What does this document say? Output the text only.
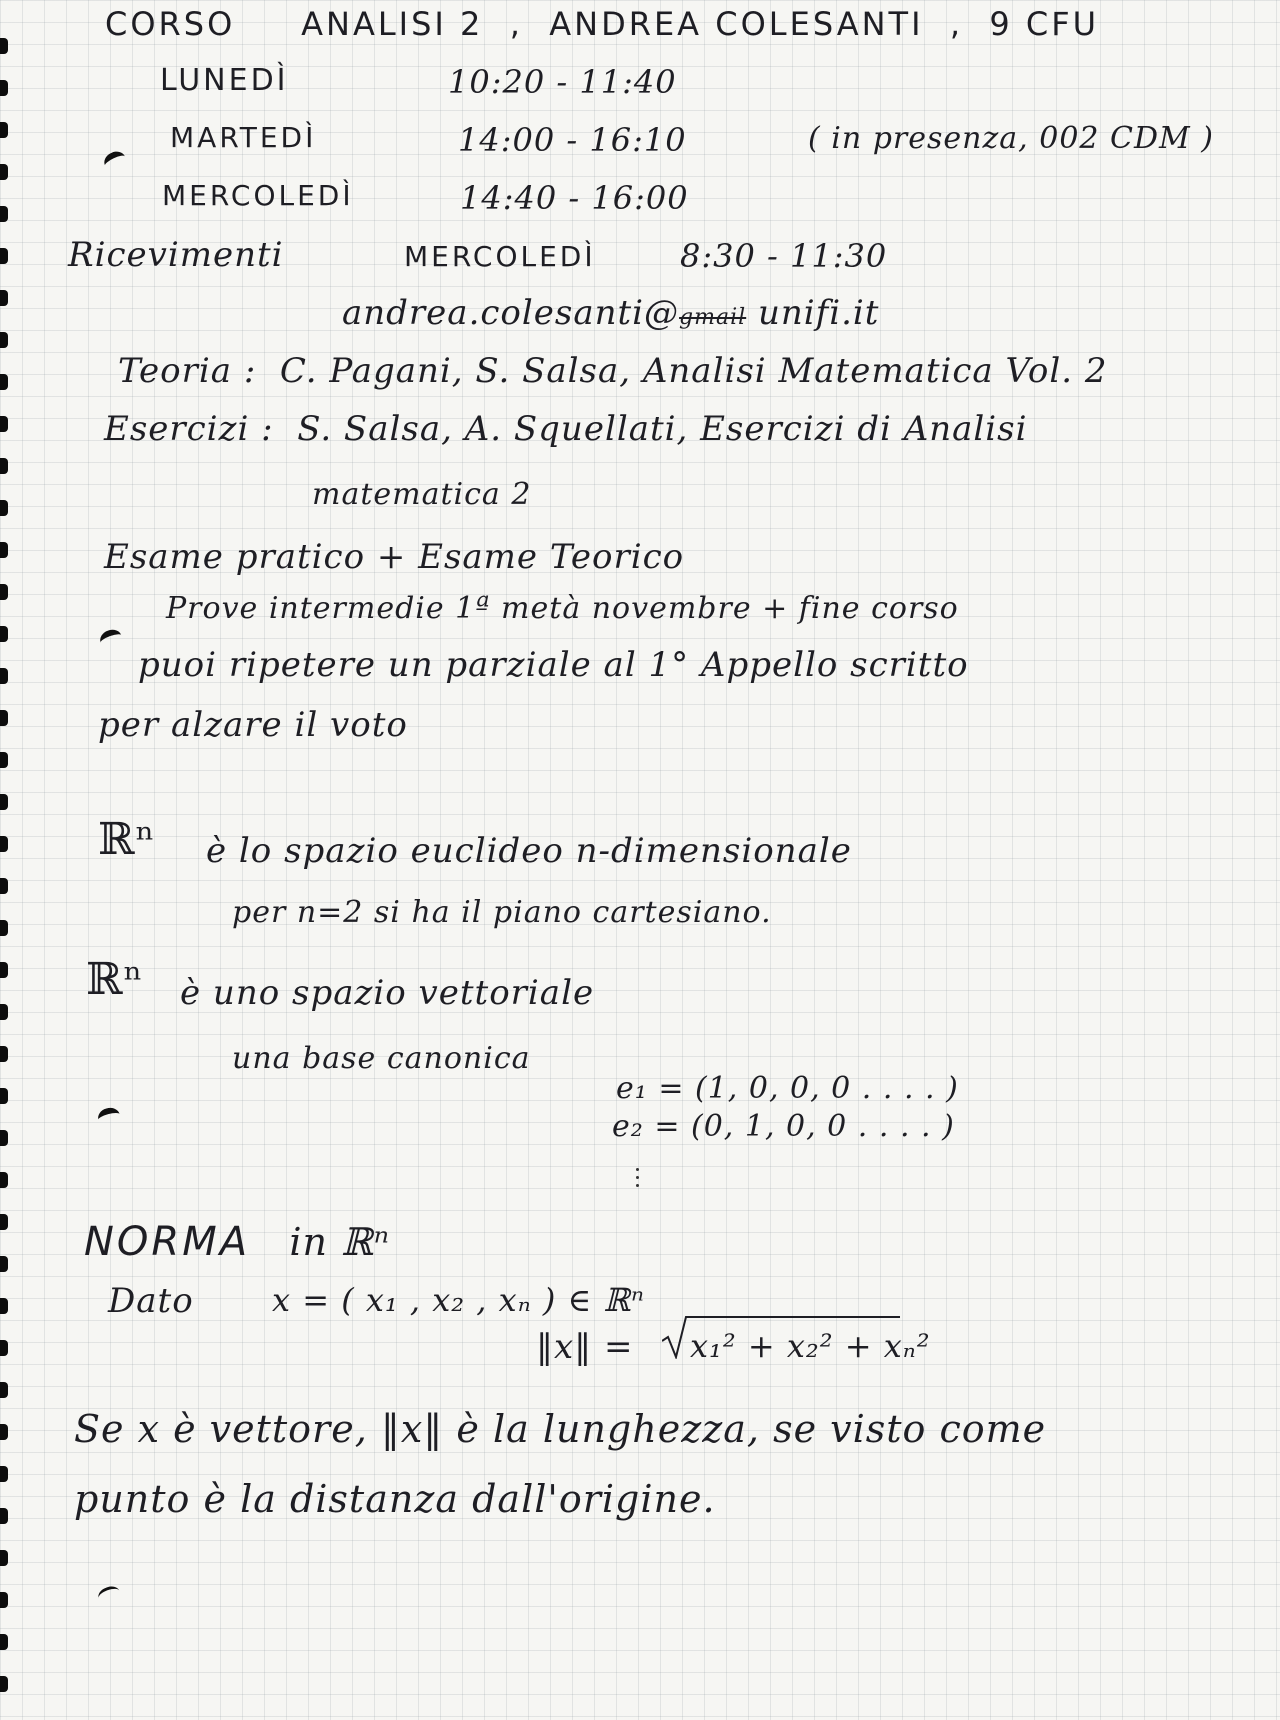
CORSO ANALISI 2 , ANDREA COLESANTI , 9 CFU
LUNEDÌ	10:20 - 11:40
MARTEDÌ	14:00 - 16:10	( in presenza, 002 CDM )
MERCOLEDÌ	14:40 - 16:00
Ricevimenti	MERCOLEDÌ	8:30 - 11:30
andrea.colesanti@gmail unifi.it
Teoria : C. Pagani, S. Salsa, Analisi Matematica Vol. 2
Esercizi : S. Salsa, A. Squellati, Esercizi di Analisi
matematica 2
Esame pratico + Esame Teorico
Prove intermedie 1ª metà novembre + fine corso
puoi ripetere un parziale al 1° Appello scritto
per alzare il voto
ℝⁿ è lo spazio euclideo n-dimensionale
per n=2 si ha il piano cartesiano.
ℝⁿ è uno spazio vettoriale
una base canonica
e₁ = (1, 0, 0, 0 . . . . )
e₂ = (0, 1, 0, 0 . . . . )
NORMA in ℝⁿ
Dato x = ( x₁ , x₂ , xₙ ) ∈ ℝⁿ
‖x‖ = x₁² + x₂² + xₙ²
Se x è vettore, ‖x‖ è la lunghezza, se visto come
punto è la distanza dall'origine.
